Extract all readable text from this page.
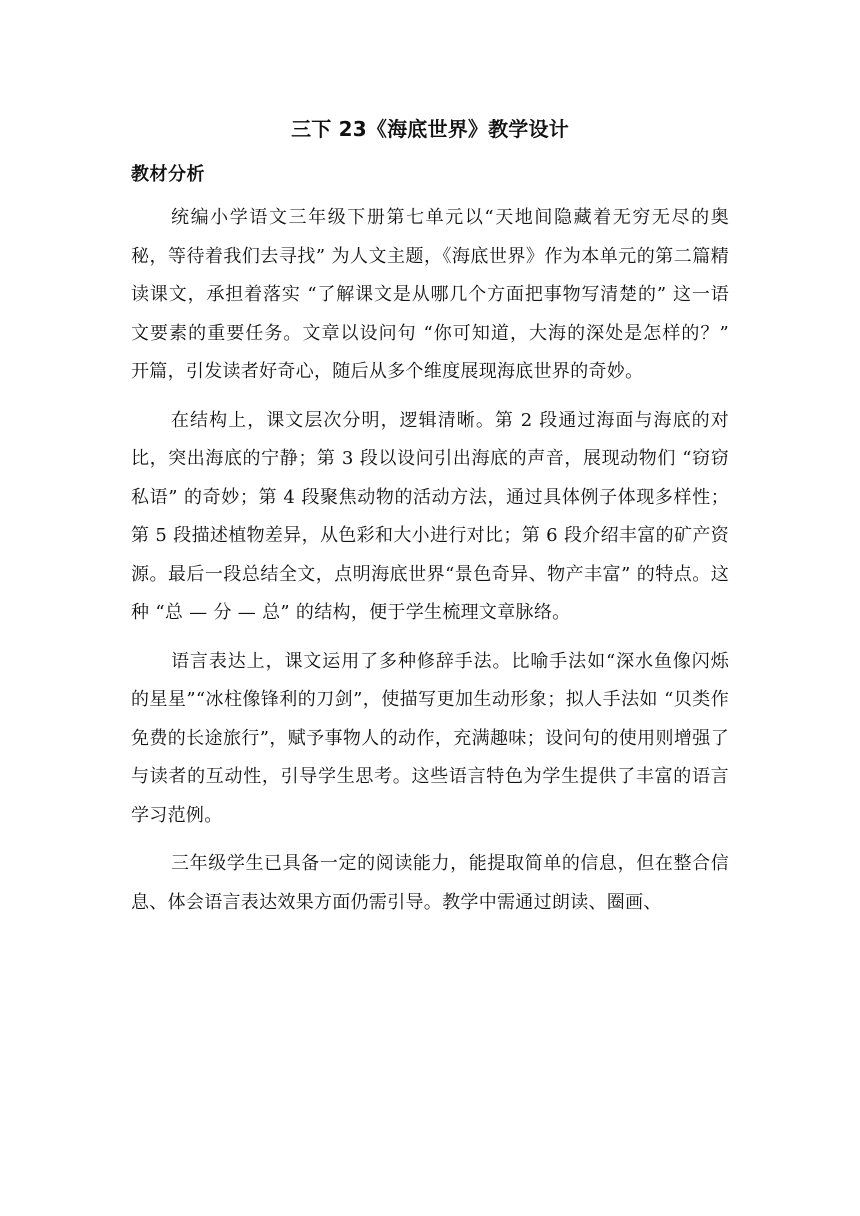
三下 23《海底世界》教学设计
教材分析

统编小学语文三年级下册第七单元以“天地间隐藏着无穷无尽的奥秘，等待着我们去寻找” 为人文主题，《海底世界》作为本单元的第二篇精读课文，承担着落实 “了解课文是从哪几个方面把事物写清楚的” 这一语文要素的重要任务。文章以设问句 “你可知道，大海的深处是怎样的？” 开篇，引发读者好奇心，随后从多个维度展现海底世界的奇妙。

在结构上，课文层次分明，逻辑清晰。第 2 段通过海面与海底的对比，突出海底的宁静；第 3 段以设问引出海底的声音，展现动物们 “窃窃私语” 的奇妙；第 4 段聚焦动物的活动方法，通过具体例子体现多样性；第 5 段描述植物差异，从色彩和大小进行对比；第 6 段介绍丰富的矿产资源。最后一段总结全文，点明海底世界“景色奇异、物产丰富” 的特点。这种 “总 — 分 — 总” 的结构，便于学生梳理文章脉络。

语言表达上，课文运用了多种修辞手法。比喻手法如“深水鱼像闪烁的星星”“冰柱像锋利的刀剑”，使描写更加生动形象；拟人手法如 “贝类作免费的长途旅行”，赋予事物人的动作，充满趣味；设问句的使用则增强了与读者的互动性，引导学生思考。这些语言特色为学生提供了丰富的语言学习范例。

三年级学生已具备一定的阅读能力，能提取简单的信息，但在整合信息、体会语言表达效果方面仍需引导。教学中需通过朗读、圈画、
